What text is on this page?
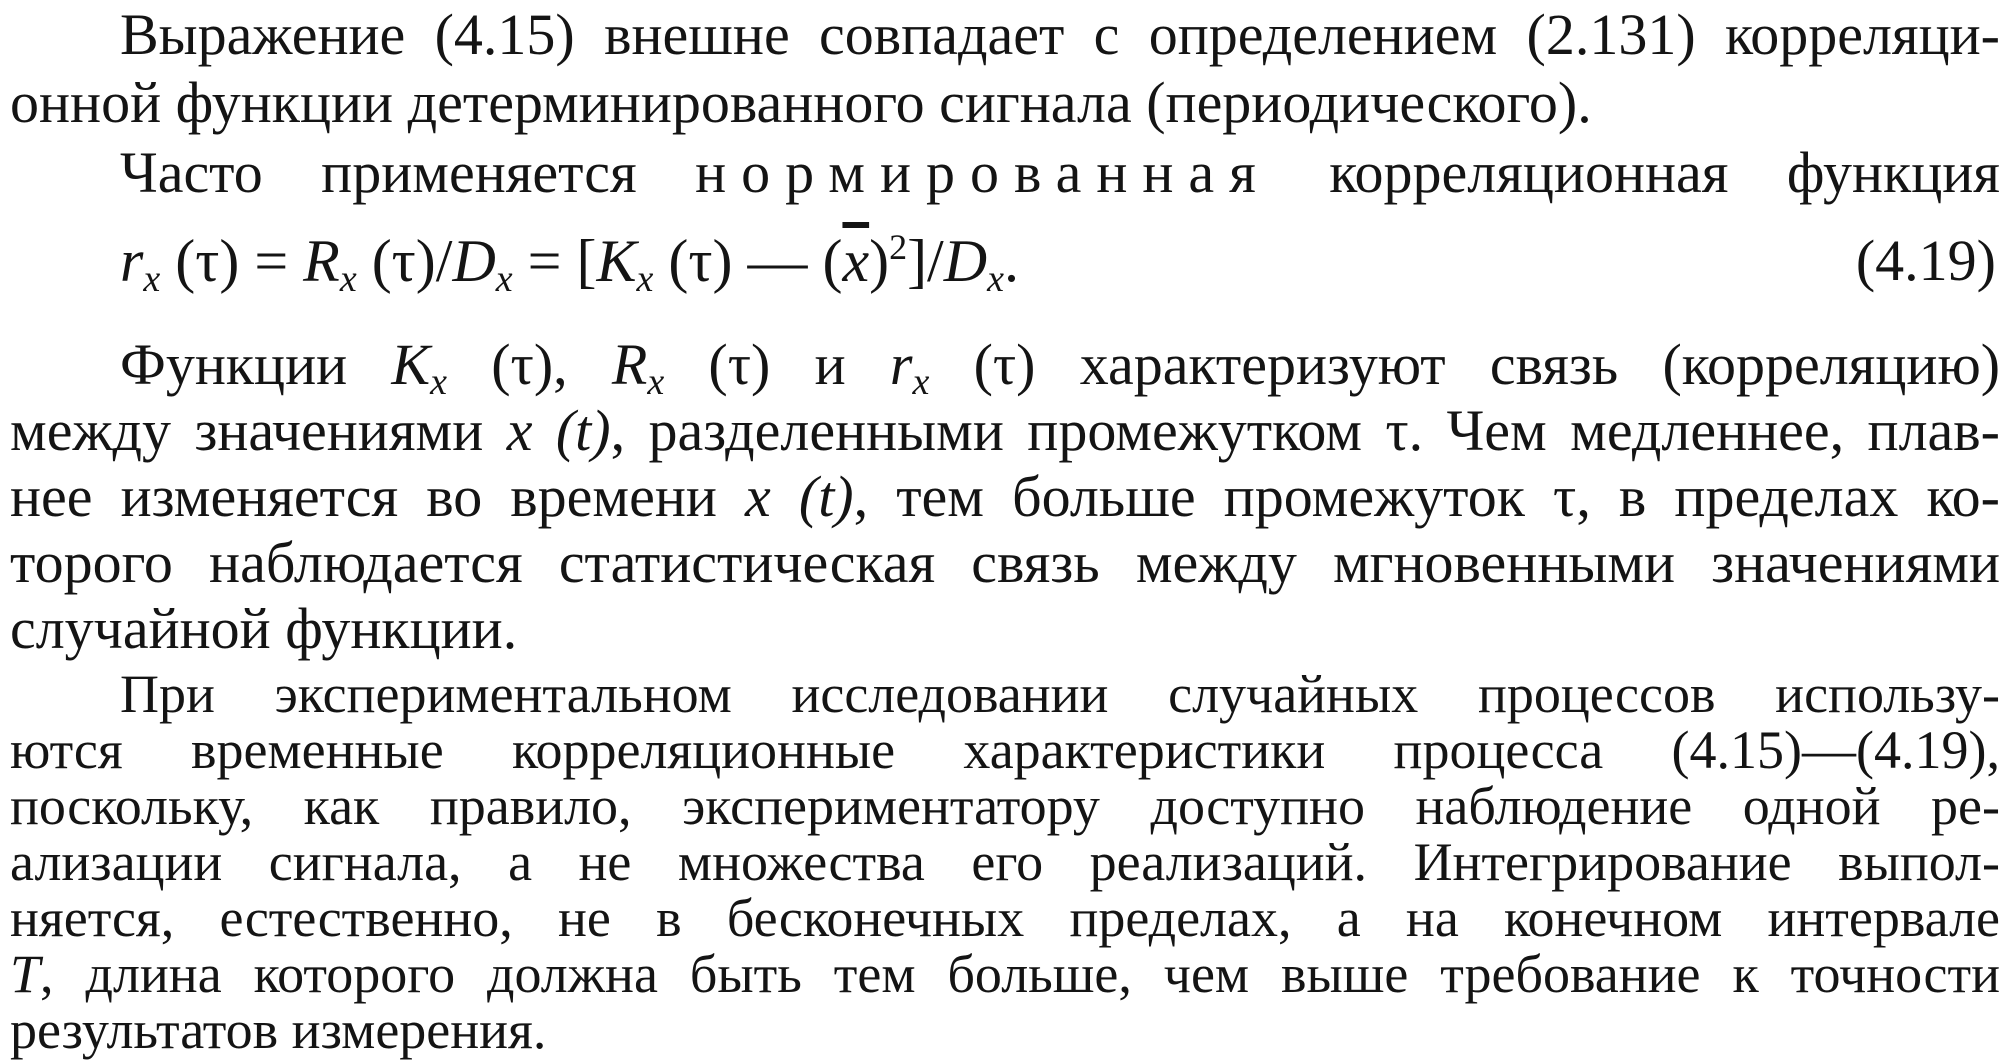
Выражение (4.15) внешне совпадает с определением (2.131) корреляци-
онной функции детерминированного сигнала (периодического).
Часто применяется нормированная корреляционная функция
$r_x$ $(\tau) = R_x$ $(\tau)/D_x = [K_x$ (τ) — $(\overline{x})^2]/D_x$.	(4.19)
Функции $K_x$ (τ), $R_x$ (τ) и $r_x$ (τ) характеризуют связь (корреляцию)
между значениями x (t), разделенными промежутком τ. Чем медленнее, плав-
нее изменяется во времени x (t), тем больше промежуток τ, в пределах ко-
торого наблюдается статистическая связь между мгновенными значениями
случайной функции.
При экспериментальном исследовании случайных процессов использу-
ются временные корреляционные характеристики процесса (4.15)—(4.19),
поскольку, как правило, экспериментатору доступно наблюдение одной ре-
ализации сигнала, а не множества его реализаций. Интегрирование выпол-
няется, естественно, не в бесконечных пределах, а на конечном интервале
T, длина которого должна быть тем больше, чем выше требование к точности
результатов измерения.
